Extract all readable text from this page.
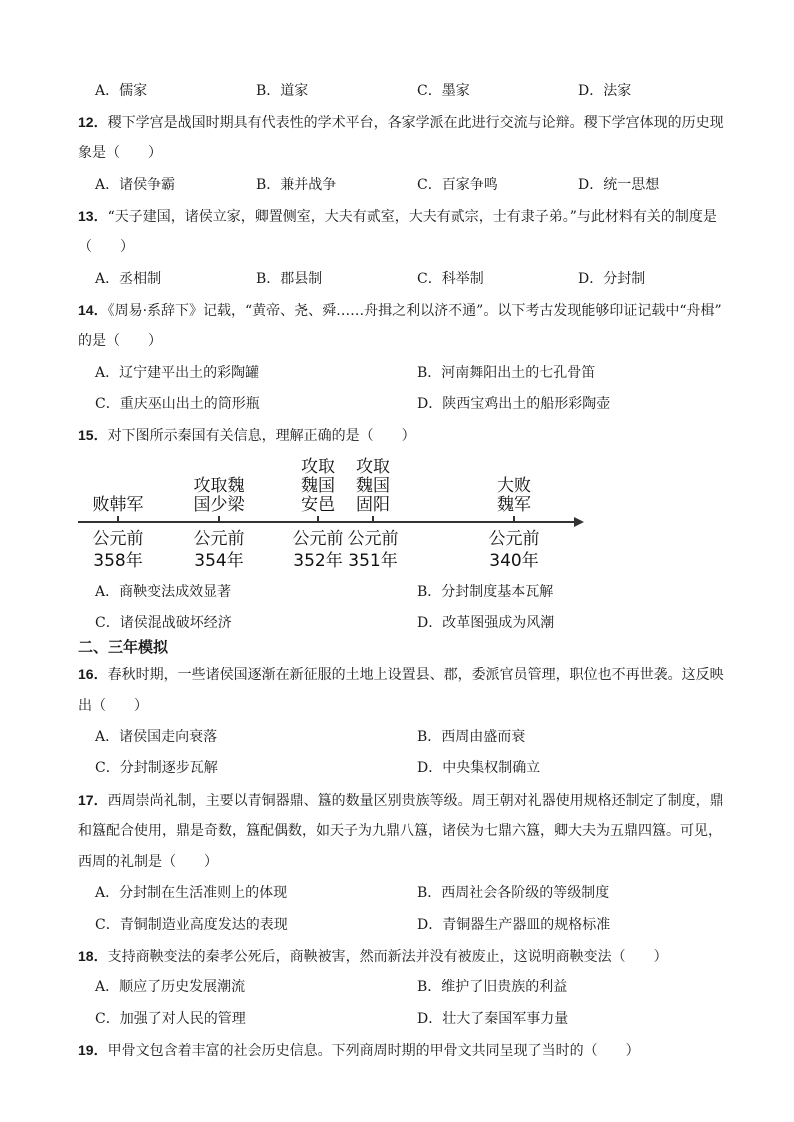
A．儒家	B．道家	C．墨家	D．法家
12．稷下学宫是战国时期具有代表性的学术平台，各家学派在此进行交流与论辩。稷下学宫体现的历史现
象是（　　）
A．诸侯争霸	B．兼并战争	C．百家争鸣	D．统一思想
13．“天子建国，诸侯立家，卿置侧室，大夫有贰室，大夫有贰宗，士有隶子弟。”与此材料有关的制度是
（　　）
A．丞相制	B．郡县制	C．科举制	D．分封制
14．《周易·系辞下》记载，“黄帝、尧、舜……舟揖之利以济不通”。以下考古发现能够印证记载中“舟楫”
的是（　　）
A．辽宁建平出土的彩陶罐	B．河南舞阳出土的七孔骨笛
C．重庆巫山出土的筒形瓶	D．陕西宝鸡出土的船形彩陶壶
15．对下图所示秦国有关信息，理解正确的是（　　）
败韩军
公元前
358年
攻取魏
国少梁
公元前
354年
攻取
魏国
安邑
公元前
352年
攻取
魏国
固阳
公元前
351年
大败
魏军
公元前
340年
A．商鞅变法成效显著	B．分封制度基本瓦解
C．诸侯混战破坏经济	D．改革图强成为风潮
二、三年模拟
16．春秋时期，一些诸侯国逐渐在新征服的土地上设置县、郡，委派官员管理，职位也不再世袭。这反映
出（　　）
A．诸侯国走向衰落	B．西周由盛而衰
C．分封制逐步瓦解	D．中央集权制确立
17．西周崇尚礼制，主要以青铜器鼎、簋的数量区别贵族等级。周王朝对礼器使用规格还制定了制度，鼎
和簋配合使用，鼎是奇数，簋配偶数，如天子为九鼎八簋，诸侯为七鼎六簋，卿大夫为五鼎四簋。可见，
西周的礼制是（　　）
A．分封制在生活准则上的体现	B．西周社会各阶级的等级制度
C．青铜制造业高度发达的表现	D．青铜器生产器皿的规格标准
18．支持商鞅变法的秦孝公死后，商鞅被害，然而新法并没有被废止，这说明商鞅变法（　　）
A．顺应了历史发展潮流	B．维护了旧贵族的利益
C．加强了对人民的管理	D．壮大了秦国军事力量
19．甲骨文包含着丰富的社会历史信息。下列商周时期的甲骨文共同呈现了当时的（　　）
